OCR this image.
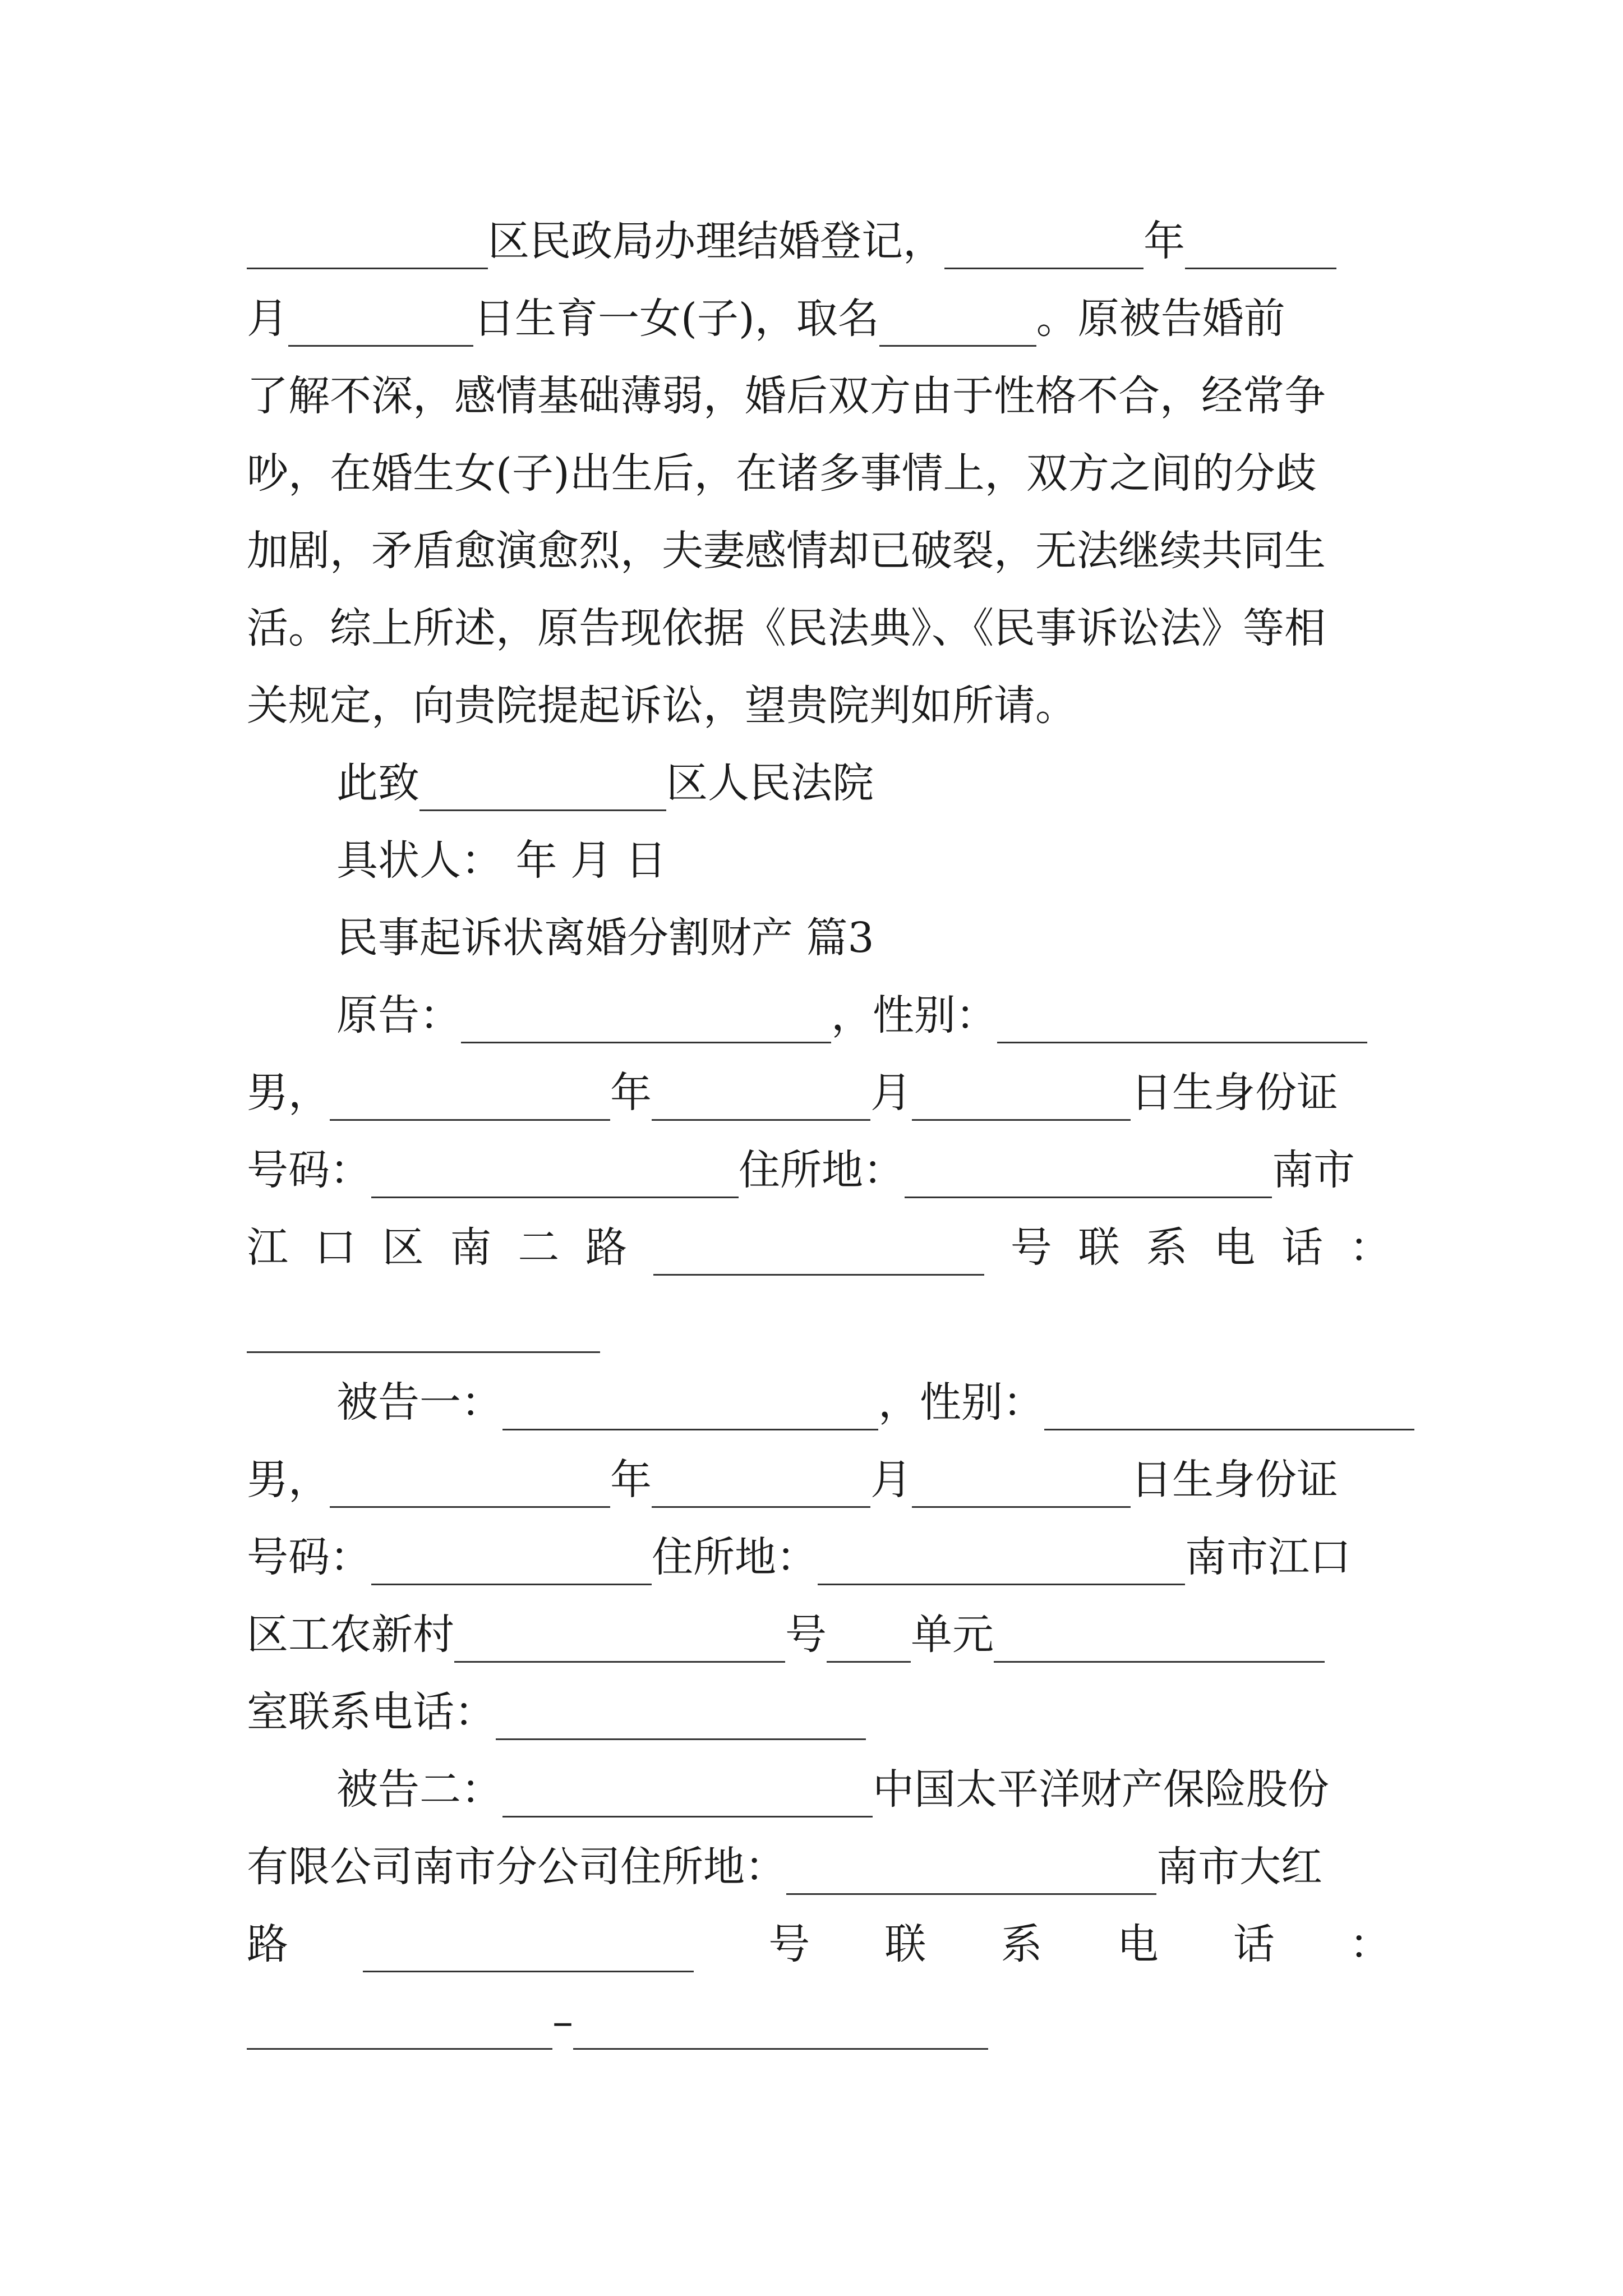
区民政局办理结婚登记，	年
月	日生育一女(子)，取名	。原被告婚前
了解不深，感情基础薄弱，婚后双方由于性格不合，经常争
吵，在婚生女(子)出生后，在诸多事情上，双方之间的分歧
加剧，矛盾愈演愈烈，夫妻感情却已破裂，无法继续共同生
活。综上所述，原告现依据《民法典》、《民事诉讼法》等相
关规定，向贵院提起诉讼，望贵院判如所请。
此致	区人民法院
具状人： 年 月 日
民事起诉状离婚分割财产 篇3
原告：	，性别：
男，	年	月	日生身份证
号码：	住所地：	南市
江 口 区 南 二 路	号 联 系 电 话 ：
被告一：	，性别：
男，	年	月	日生身份证
号码：	住所地：	南市江口
区工农新村	号 单元
室联系电话：
被告二：	中国太平洋财产保险股份
有限公司南市分公司住所地：	南市大红
路	号 联 系 电 话 ：
–
